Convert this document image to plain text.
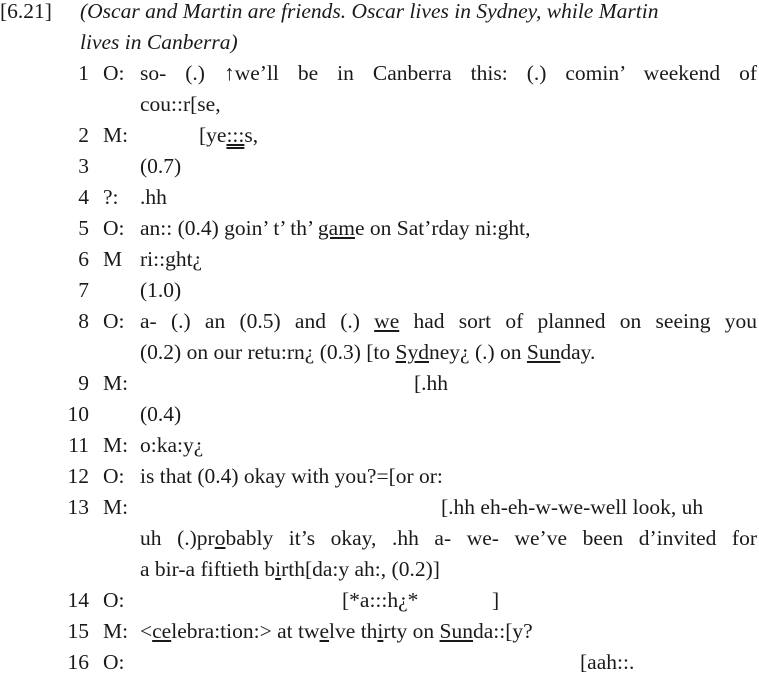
[6.21] (Oscar and Martin are friends. Oscar lives in Sydney, while Martin
lives in Canberra)
1 O: so- (.) ↑we’ll be in Canberra this: (.) comin’ weekend of
cou::r[se,
2 M:	[ye:::s,
3 (0.7)
4 ?: .hh
5 O: an:: (0.4) goin’ t’ th’ game on Sat’rday ni:ght,
6 M ri::ght¿
7 (1.0)
8 O: a- (.) an (0.5) and (.) we had sort of planned on seeing you
(0.2) on our retu:rn¿ (0.3) [to Sydney¿ (.) on Sunday.
9 M:	[.hh
10 (0.4)
11 M: o:ka:y¿
12 O: is that (0.4) okay with you?=[or or:
13 M:	[.hh eh-eh-w-we-well look, uh
uh (.)probably it’s okay, .hh a- we- we’ve been d’invited for
a bir-a fiftieth birth[da:y ah:, (0.2)]
14 O:	[*a:::h¿*	]
15 M: <celebra:tion:> at twelve thirty on Sunda::[y?
16 O:	[aah::.
